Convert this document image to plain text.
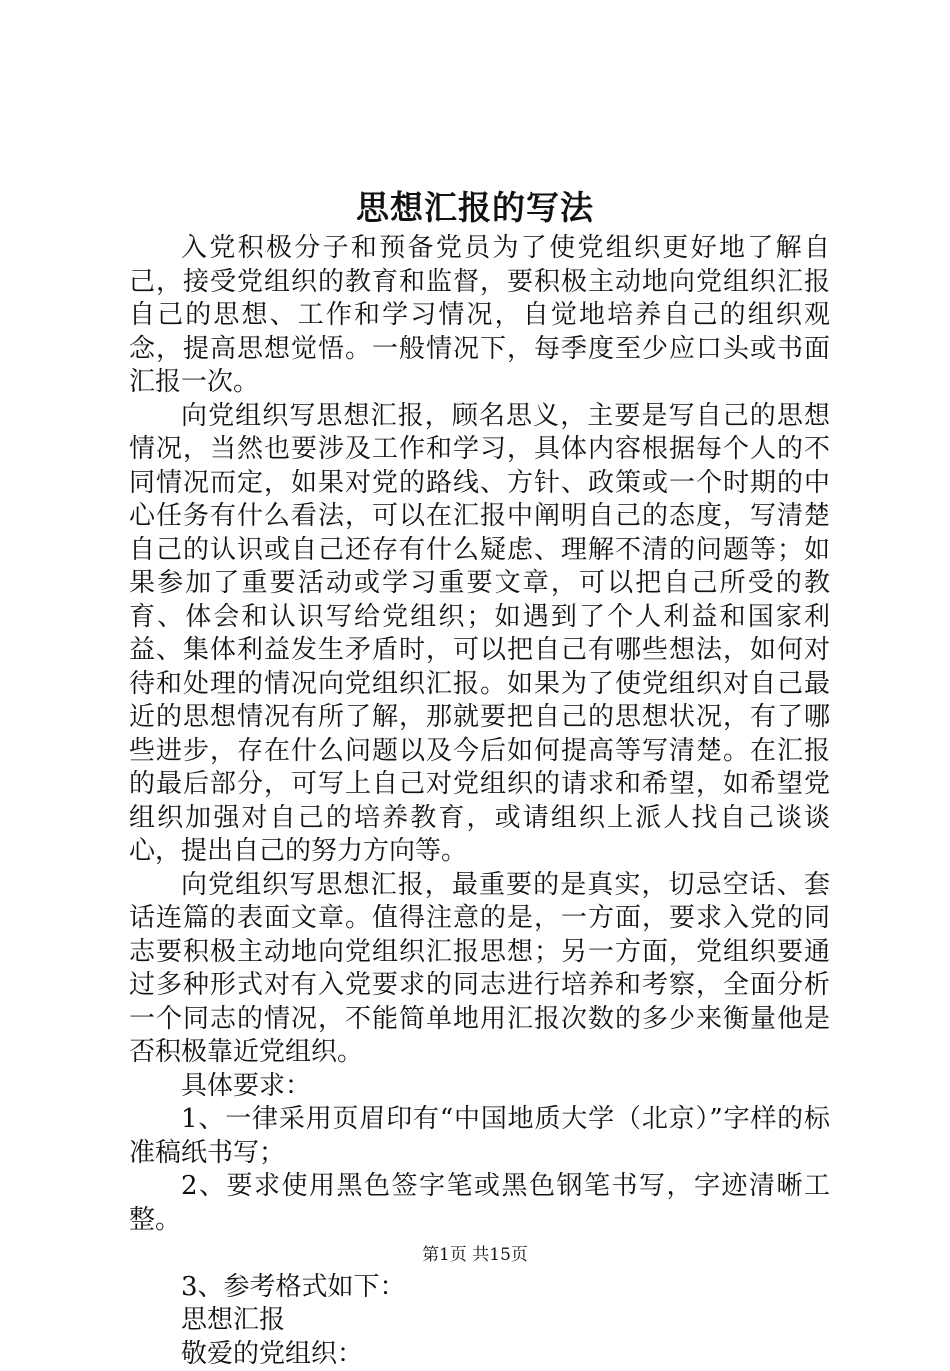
思想汇报的写法

入党积极分子和预备党员为了使党组织更好地了解自己，接受党组织的教育和监督，要积极主动地向党组织汇报自己的思想、工作和学习情况，自觉地培养自己的组织观念，提高思想觉悟。一般情况下，每季度至少应口头或书面汇报一次。

向党组织写思想汇报，顾名思义，主要是写自己的思想情况，当然也要涉及工作和学习，具体内容根据每个人的不同情况而定，如果对党的路线、方针、政策或一个时期的中心任务有什么看法，可以在汇报中阐明自己的态度，写清楚自己的认识或自己还存有什么疑虑、理解不清的问题等；如果参加了重要活动或学习重要文章，可以把自己所受的教育、体会和认识写给党组织；如遇到了个人利益和国家利益、集体利益发生矛盾时，可以把自己有哪些想法，如何对待和处理的情况向党组织汇报。如果为了使党组织对自己最近的思想情况有所了解，那就要把自己的思想状况，有了哪些进步，存在什么问题以及今后如何提高等写清楚。在汇报的最后部分，可写上自己对党组织的请求和希望，如希望党组织加强对自己的培养教育，或请组织上派人找自己谈谈心，提出自己的努力方向等。

向党组织写思想汇报，最重要的是真实，切忌空话、套话连篇的表面文章。值得注意的是，一方面，要求入党的同志要积极主动地向党组织汇报思想；另一方面，党组织要通过多种形式对有入党要求的同志进行培养和考察，全面分析一个同志的情况，不能简单地用汇报次数的多少来衡量他是否积极靠近党组织。

具体要求：

1、一律采用页眉印有“中国地质大学（北京）”字样的标准稿纸书写；

2、要求使用黑色签字笔或黑色钢笔书写，字迹清晰工整。

3、参考格式如下：

思想汇报

敬爱的党组织：

第1页 共15页
